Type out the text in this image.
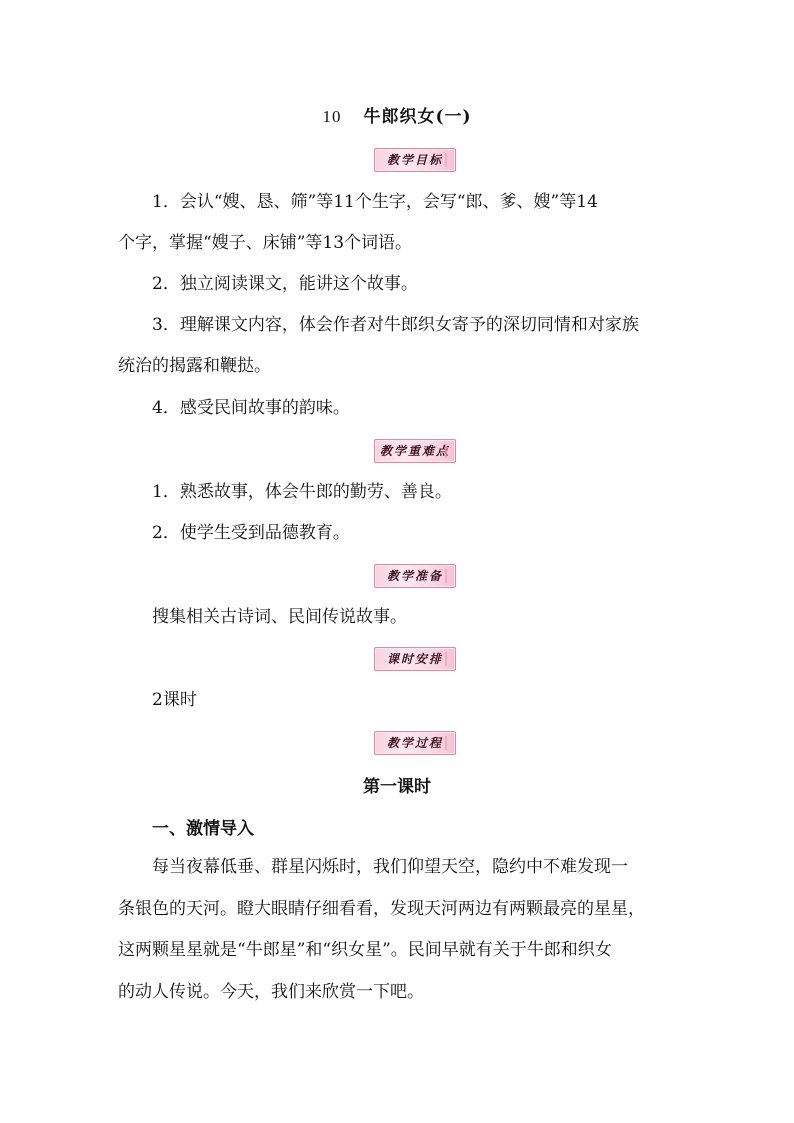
10 牛郎织女(一)
教学目标
1．会认“嫂、恳、筛”等11个生字，会写“郎、爹、嫂”等14
个字，掌握“嫂子、床铺”等13个词语。
2．独立阅读课文，能讲这个故事。
3．理解课文内容，体会作者对牛郎织女寄予的深切同情和对家族
统治的揭露和鞭挞。
4．感受民间故事的韵味。
教学重难点
1．熟悉故事，体会牛郎的勤劳、善良。
2．使学生受到品德教育。
教学准备
搜集相关古诗词、民间传说故事。
课时安排
2课时
教学过程
第一课时
一、激情导入
每当夜幕低垂、群星闪烁时，我们仰望天空，隐约中不难发现一
条银色的天河。瞪大眼睛仔细看看，发现天河两边有两颗最亮的星星，
这两颗星星就是“牛郎星”和“织女星”。民间早就有关于牛郎和织女
的动人传说。今天，我们来欣赏一下吧。
